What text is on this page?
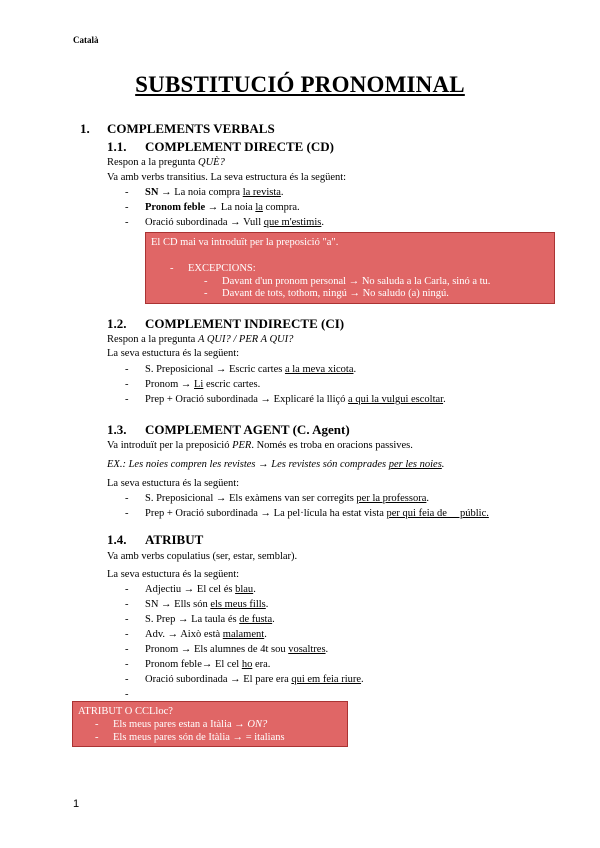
Català
SUBSTITUCIÓ PRONOMINAL
1. COMPLEMENTS VERBALS
1.1. COMPLEMENT DIRECTE (CD)
Respon a la pregunta QUÈ?
Va amb verbs transitius. La seva estructura és la següent:
- SN → La noia compra la revista.
- Pronom feble → La noia la compra.
- Oració subordinada → Vull que m'estimis.
El CD mai va introduït per la preposició "a".
- EXCEPCIONS:
- Davant d'un pronom personal → No saluda a la Carla, sinó a tu.
- Davant de tots, tothom, ningú → No saludo (a) ningú.
1.2. COMPLEMENT INDIRECTE (CI)
Respon a la pregunta A QUI? / PER A QUI?
La seva estuctura és la següent:
- S. Preposicional → Escric cartes a la meva xicota.
- Pronom → Li escric cartes.
- Prep + Oració subordinada → Explicaré la lliçó a qui la vulgui escoltar.
1.3. COMPLEMENT AGENT (C. Agent)
Va introduït per la preposició PER. Només es troba en oracions passives.
EX.: Les noies compren les revistes → Les revistes són comprades per les noies.
La seva estuctura és la següent:
- S. Preposicional → Els exàmens van ser corregits per la professora.
- Prep + Oració subordinada → La pel·lícula ha estat vista per qui feia de     públic.
1.4. ATRIBUT
Va amb verbs copulatius (ser, estar, semblar).
La seva estuctura és la següent:
- Adjectiu → El cel és blau.
- SN → Ells són els meus fills.
- S. Prep → La taula és de fusta.
- Adv. → Això està malament.
- Pronom → Els alumnes de 4t sou vosaltres.
- Pronom feble→ El cel ho era.
- Oració subordinada → El pare era qui em feia riure.
-
ATRIBUT O CCLloc?
- Els meus pares estan a Itàlia → ON?
- Els meus pares són de Itàlia → = italians
1
